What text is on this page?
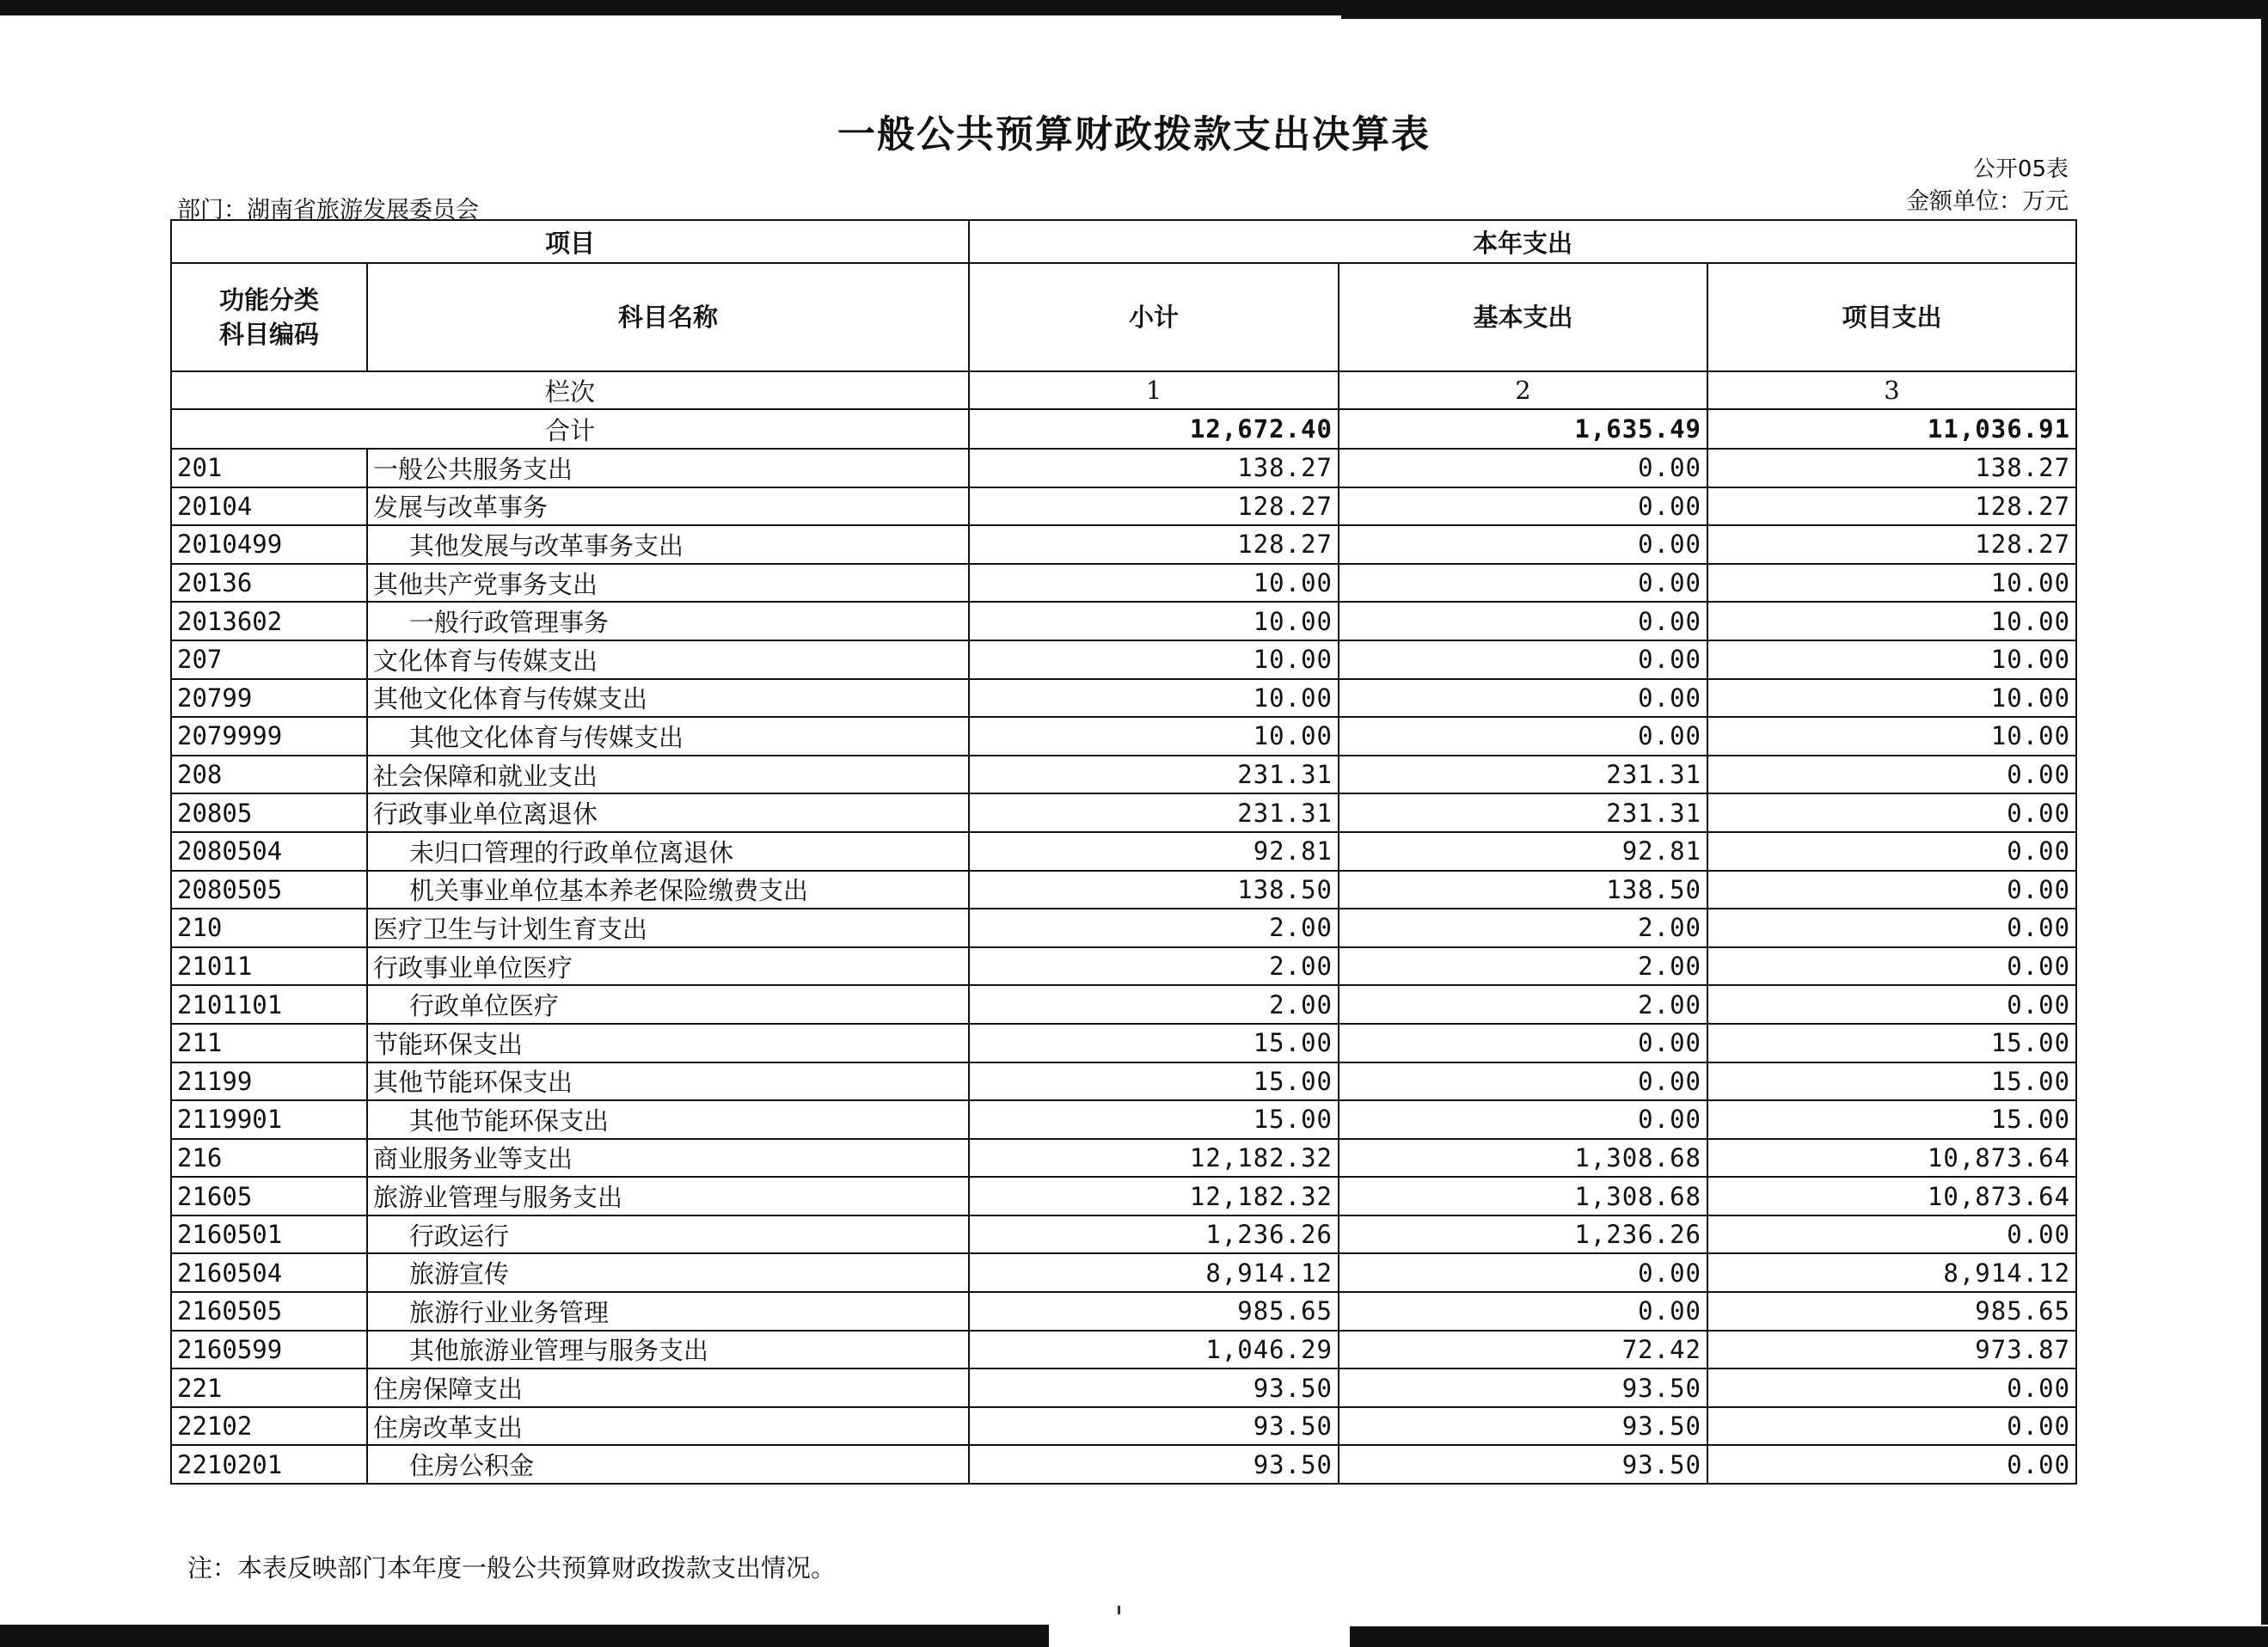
一般公共预算财政拨款支出决算表
公开05表
部门：湖南省旅游发展委员会	金额单位：万元
项目		本年支出		

功能分类
科目编码	科目名称	小计	基本支出	项目支出
栏次		1	2	3
合计		12,672.40	1,635.49	11,036.91
201	一般公共服务支出	138.27	0.00	138.27
20104	发展与改革事务	128.27	0.00	128.27
2010499	其他发展与改革事务支出	128.27	0.00	128.27
20136	其他共产党事务支出	10.00	0.00	10.00
2013602	一般行政管理事务	10.00	0.00	10.00
207	文化体育与传媒支出	10.00	0.00	10.00
20799	其他文化体育与传媒支出	10.00	0.00	10.00
2079999	其他文化体育与传媒支出	10.00	0.00	10.00
208	社会保障和就业支出	231.31	231.31	0.00
20805	行政事业单位离退休	231.31	231.31	0.00
2080504	未归口管理的行政单位离退休	92.81	92.81	0.00
2080505	机关事业单位基本养老保险缴费支出	138.50	138.50	0.00
210	医疗卫生与计划生育支出	2.00	2.00	0.00
21011	行政事业单位医疗	2.00	2.00	0.00
2101101	行政单位医疗	2.00	2.00	0.00
211	节能环保支出	15.00	0.00	15.00
21199	其他节能环保支出	15.00	0.00	15.00
2119901	其他节能环保支出	15.00	0.00	15.00
216	商业服务业等支出	12,182.32	1,308.68	10,873.64
21605	旅游业管理与服务支出	12,182.32	1,308.68	10,873.64
2160501	行政运行	1,236.26	1,236.26	0.00
2160504	旅游宣传	8,914.12	0.00	8,914.12
2160505	旅游行业业务管理	985.65	0.00	985.65
2160599	其他旅游业管理与服务支出	1,046.29	72.42	973.87
221	住房保障支出	93.50	93.50	0.00
22102	住房改革支出	93.50	93.50	0.00
2210201	住房公积金	93.50	93.50	0.00
注：本表反映部门本年度一般公共预算财政拨款支出情况。
